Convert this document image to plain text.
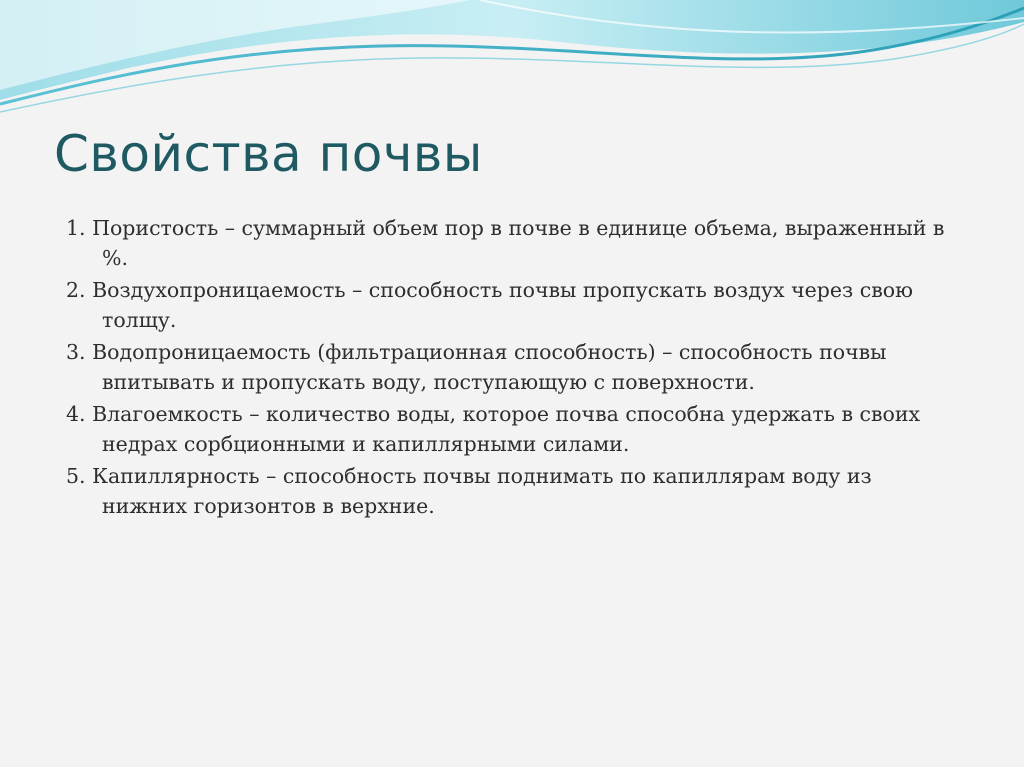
Свойства почвы
1. Пористость – суммарный объем пор в почве в единице объема, выраженный в %.
2. Воздухопроницаемость – способность почвы пропускать воздух через свою толщу.
3. Водопроницаемость (фильтрационная способность) – способность почвы впитывать и пропускать воду, поступающую с поверхности.
4. Влагоемкость – количество воды, которое почва способна удержать в своих недрах сорбционными и капиллярными силами.
5. Капиллярность – способность почвы поднимать по капиллярам воду из нижних горизонтов в верхние.
